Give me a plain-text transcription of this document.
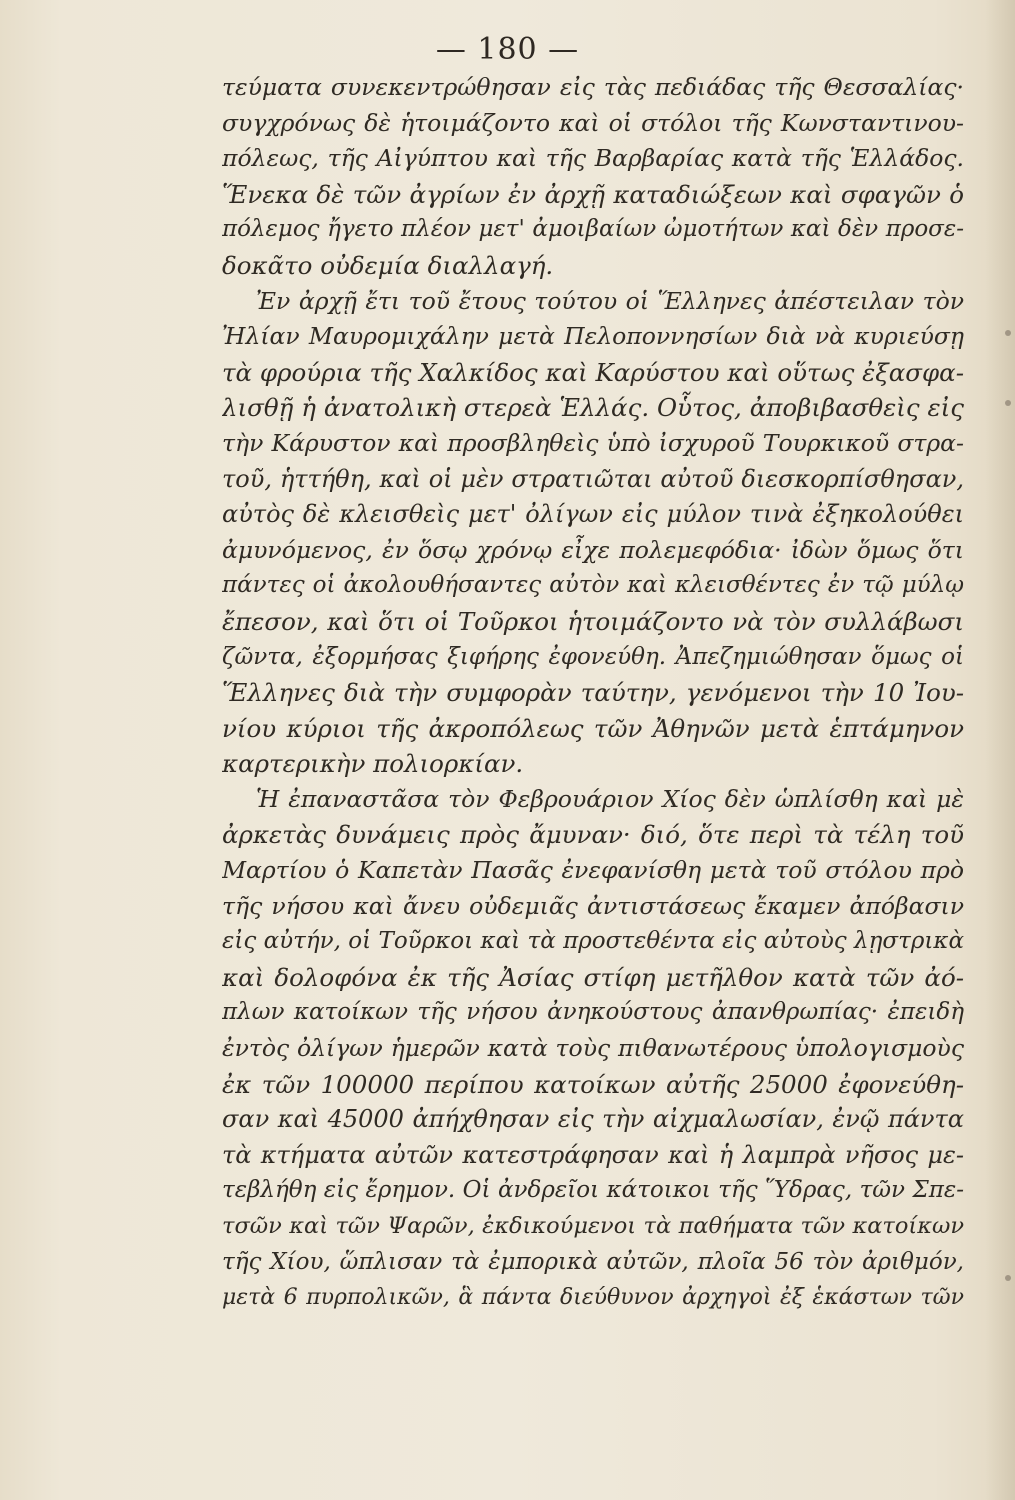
— 180 —
τεύματα συνεκεντρώθησαν εἰς τὰς πεδιάδας τῆς Θεσσαλίας·
συγχρόνως δὲ ἡτοιμάζοντο καὶ οἱ στόλοι τῆς Κωνσταντινου-
πόλεως, τῆς Αἰγύπτου καὶ τῆς Βαρβαρίας κατὰ τῆς Ἑλλάδος.
Ἕνεκα δὲ τῶν ἀγρίων ἐν ἀρχῇ καταδιώξεων καὶ σφαγῶν ὁ
πόλεμος ἤγετο πλέον μετ' ἀμοιβαίων ὠμοτήτων καὶ δὲν προσε-
δοκᾶτο οὐδεμία διαλλαγή.
Ἐν ἀρχῇ ἔτι τοῦ ἔτους τούτου οἱ Ἕλληνες ἀπέστειλαν τὸν
Ἠλίαν Μαυρομιχάλην μετὰ Πελοποννησίων διὰ νὰ κυριεύσῃ
τὰ φρούρια τῆς Χαλκίδος καὶ Καρύστου καὶ οὕτως ἐξασφα-
λισθῇ ἡ ἀνατολικὴ στερεὰ Ἑλλάς. Οὗτος, ἀποβιβασθεὶς εἰς
τὴν Κάρυστον καὶ προσβληθεὶς ὑπὸ ἰσχυροῦ Τουρκικοῦ στρα-
τοῦ, ἡττήθη, καὶ οἱ μὲν στρατιῶται αὐτοῦ διεσκορπίσθησαν,
αὐτὸς δὲ κλεισθεὶς μετ' ὀλίγων εἰς μύλον τινὰ ἐξηκολούθει
ἀμυνόμενος, ἐν ὅσῳ χρόνῳ εἶχε πολεμεφόδια· ἰδὼν ὅμως ὅτι
πάντες οἱ ἀκολουθήσαντες αὐτὸν καὶ κλεισθέντες ἐν τῷ μύλῳ
ἔπεσον, καὶ ὅτι οἱ Τοῦρκοι ἡτοιμάζοντο νὰ τὸν συλλάβωσι
ζῶντα, ἐξορμήσας ξιφήρης ἐφονεύθη. Ἀπεζημιώθησαν ὅμως οἱ
Ἕλληνες διὰ τὴν συμφορὰν ταύτην, γενόμενοι τὴν 10 Ἰου-
νίου κύριοι τῆς ἀκροπόλεως τῶν Ἀθηνῶν μετὰ ἑπτάμηνον
καρτερικὴν πολιορκίαν.
Ἡ ἐπαναστᾶσα τὸν Φεβρουάριον Χίος δὲν ὡπλίσθη καὶ μὲ
ἀρκετὰς δυνάμεις πρὸς ἄμυναν· διό, ὅτε περὶ τὰ τέλη τοῦ
Μαρτίου ὁ Καπετὰν Πασᾶς ἐνεφανίσθη μετὰ τοῦ στόλου πρὸ
τῆς νήσου καὶ ἄνευ οὐδεμιᾶς ἀντιστάσεως ἔκαμεν ἀπόβασιν
εἰς αὐτήν, οἱ Τοῦρκοι καὶ τὰ προστεθέντα εἰς αὐτοὺς λῃστρικὰ
καὶ δολοφόνα ἐκ τῆς Ἀσίας στίφη μετῆλθον κατὰ τῶν ἀό-
πλων κατοίκων τῆς νήσου ἀνηκούστους ἀπανθρωπίας· ἐπειδὴ
ἐντὸς ὀλίγων ἡμερῶν κατὰ τοὺς πιθανωτέρους ὑπολογισμοὺς
ἐκ τῶν 100000 περίπου κατοίκων αὐτῆς 25000 ἐφονεύθη-
σαν καὶ 45000 ἀπήχθησαν εἰς τὴν αἰχμαλωσίαν, ἐνῷ πάντα
τὰ κτήματα αὐτῶν κατεστράφησαν καὶ ἡ λαμπρὰ νῆσος με-
τεβλήθη εἰς ἔρημον. Οἱ ἀνδρεῖοι κάτοικοι τῆς Ὕδρας, τῶν Σπε-
τσῶν καὶ τῶν Ψαρῶν, ἐκδικούμενοι τὰ παθήματα τῶν κατοίκων
τῆς Χίου, ὥπλισαν τὰ ἐμπορικὰ αὐτῶν, πλοῖα 56 τὸν ἀριθμόν,
μετὰ 6 πυρπολικῶν, ἃ πάντα διεύθυνον ἀρχηγοὶ ἐξ ἑκάστων τῶν
